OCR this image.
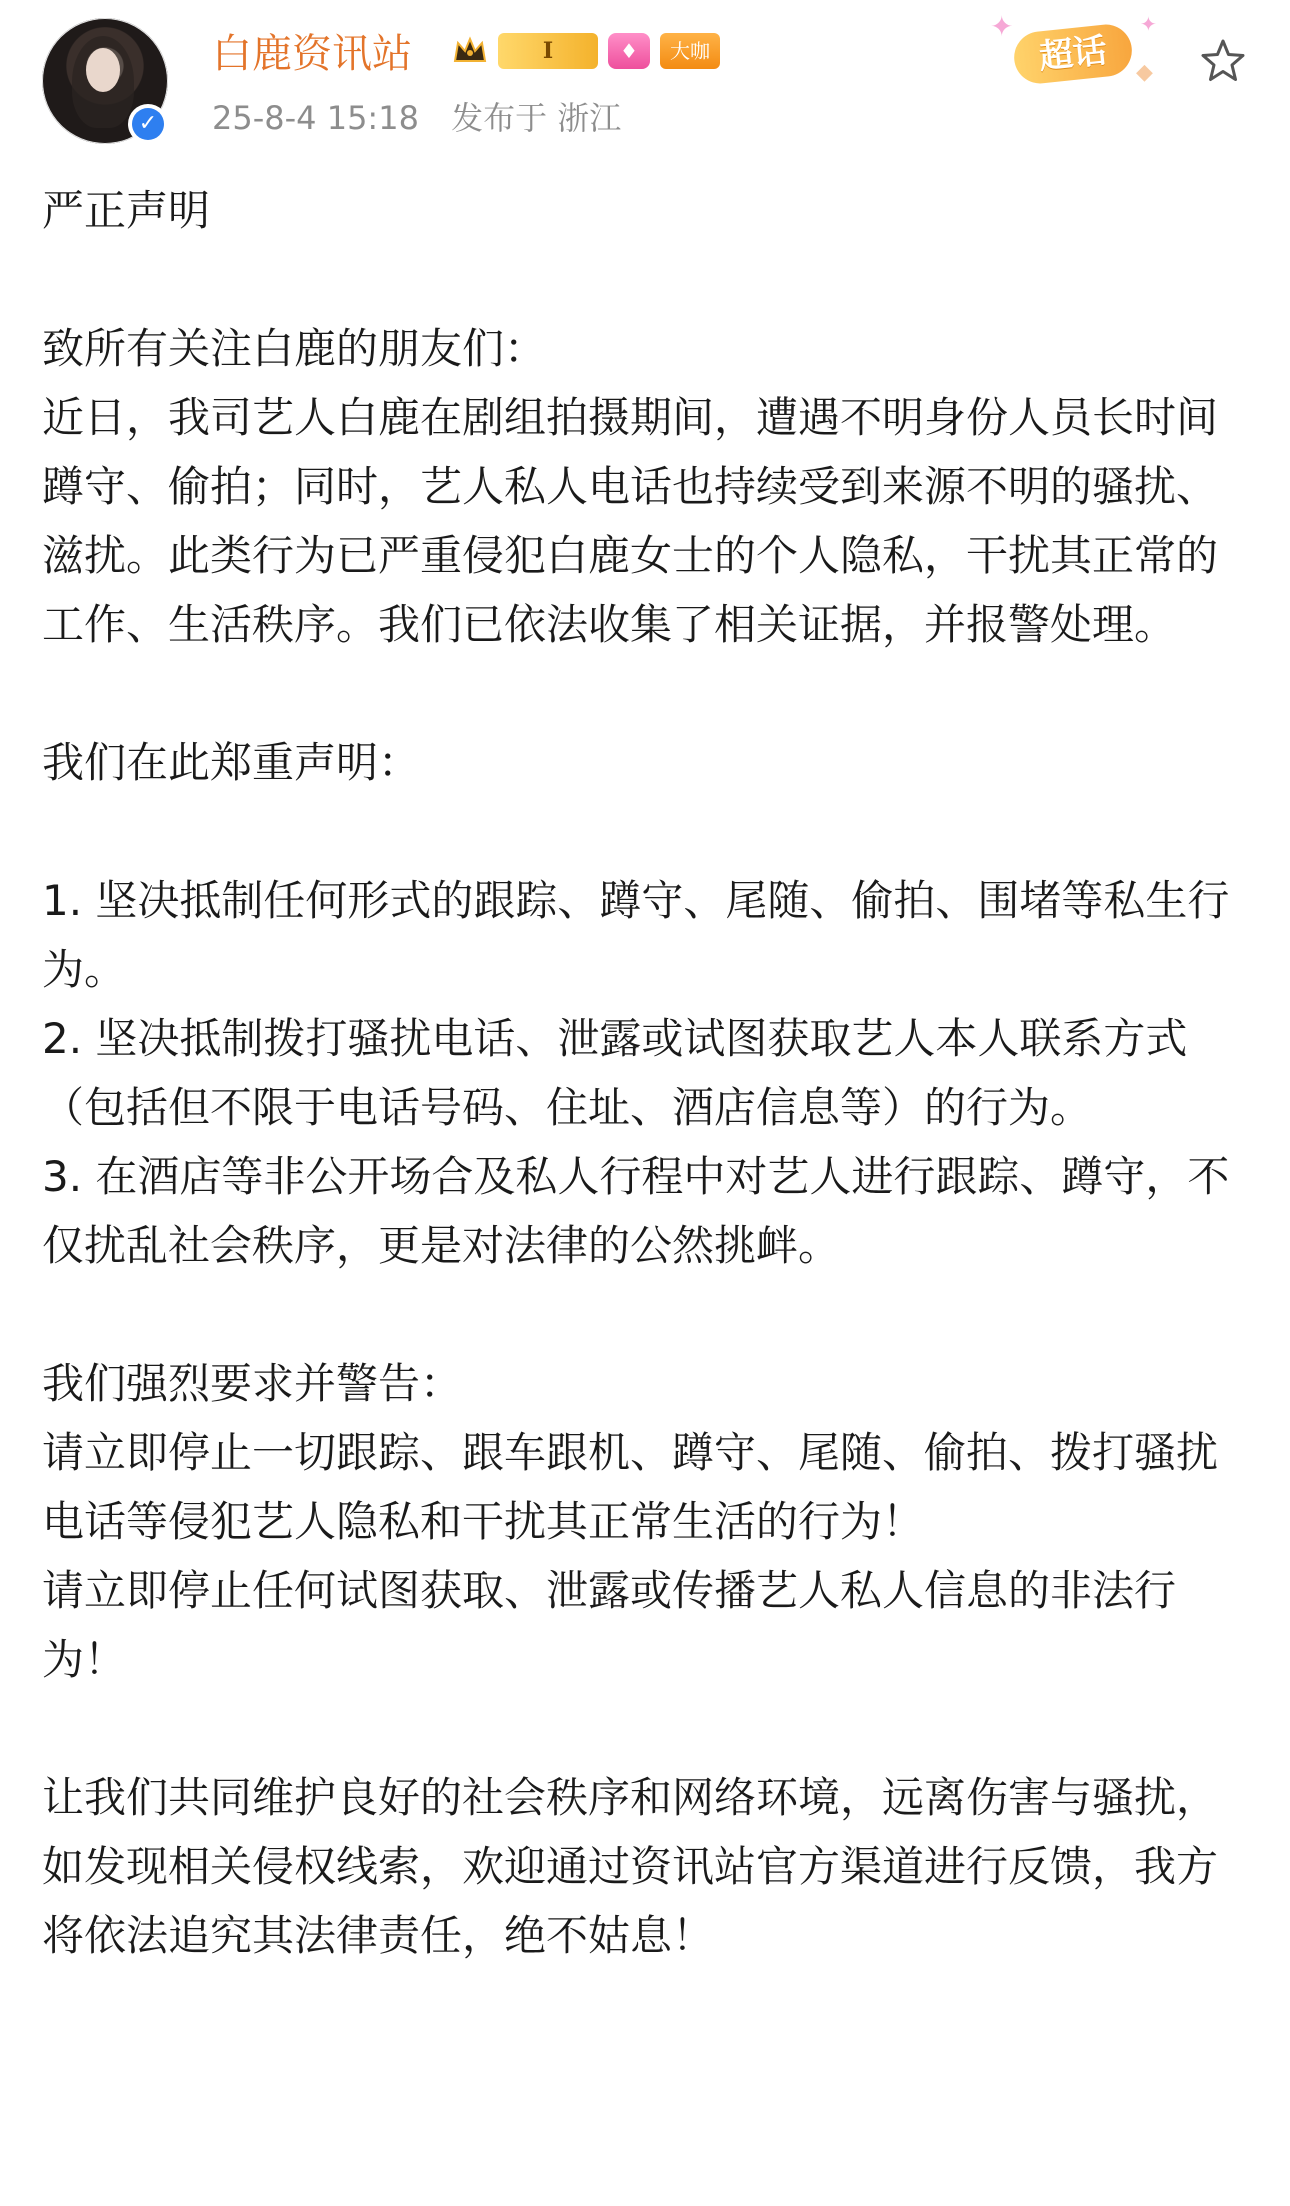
✓
白鹿资讯站	I	♦	大咖
25-8-4 15:18 发布于 浙江
✦	✦
◆
超话

严正声明

致所有关注白鹿的朋友们：

近日，我司艺人白鹿在剧组拍摄期间，遭遇不明身份人员长时间蹲守、偷拍；同时，艺人私人电话也持续受到来源不明的骚扰、滋扰。此类行为已严重侵犯白鹿女士的个人隐私，干扰其正常的工作、生活秩序。我们已依法收集了相关证据，并报警处理。

我们在此郑重声明：

1. 坚决抵制任何形式的跟踪、蹲守、尾随、偷拍、围堵等私生行为。

2. 坚决抵制拨打骚扰电话、泄露或试图获取艺人本人联系方式（包括但不限于电话号码、住址、酒店信息等）的行为。

3. 在酒店等非公开场合及私人行程中对艺人进行跟踪、蹲守，不仅扰乱社会秩序，更是对法律的公然挑衅。

我们强烈要求并警告：

请立即停止一切跟踪、跟车跟机、蹲守、尾随、偷拍、拨打骚扰电话等侵犯艺人隐私和干扰其正常生活的行为！

请立即停止任何试图获取、泄露或传播艺人私人信息的非法行为！

让我们共同维护良好的社会秩序和网络环境，远离伤害与骚扰，如发现相关侵权线索，欢迎通过资讯站官方渠道进行反馈，我方将依法追究其法律责任，绝不姑息！
